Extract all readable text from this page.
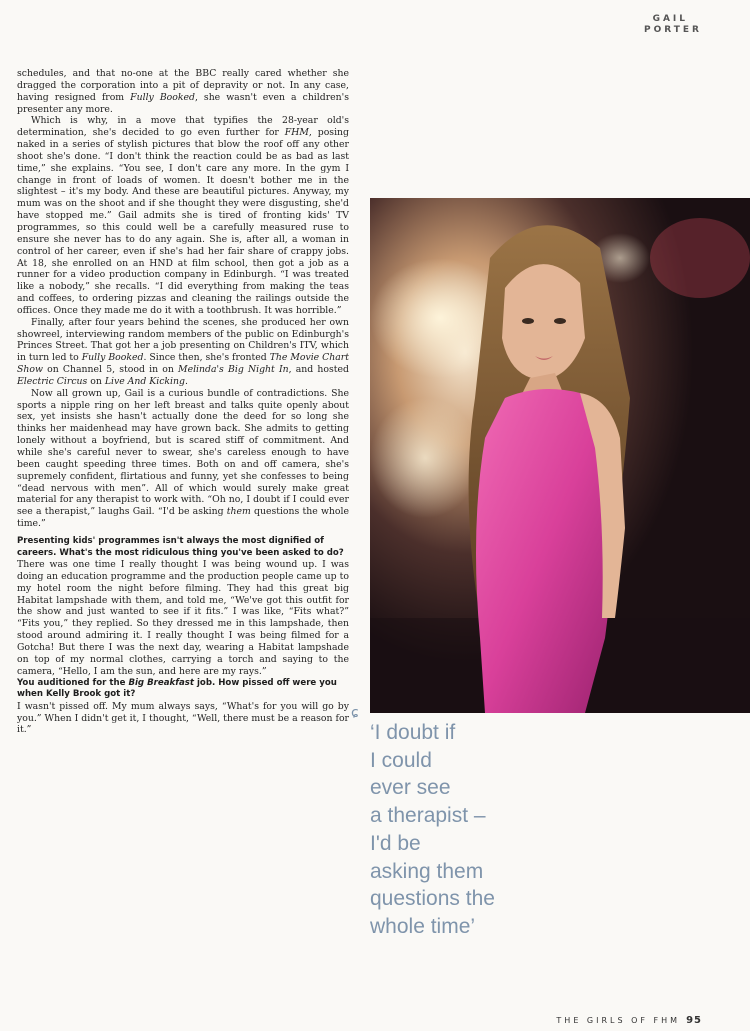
GAIL
PORTER

schedules, and that no-one at the BBC really cared whether she dragged the corporation into a pit of depravity or not. In any case, having resigned from Fully Booked, she wasn't even a children's presenter any more.

Which is why, in a move that typifies the 28-year old's determination, she's decided to go even further for FHM, posing naked in a series of stylish pictures that blow the roof off any other shoot she's done. “I don't think the reaction could be as bad as last time,” she explains. “You see, I don't care any more. In the gym I change in front of loads of women. It doesn't bother me in the slightest – it's my body. And these are beautiful pictures. Anyway, my mum was on the shoot and if she thought they were disgusting, she'd have stopped me.” Gail admits she is tired of fronting kids' TV programmes, so this could well be a carefully measured ruse to ensure she never has to do any again. She is, after all, a woman in control of her career, even if she's had her fair share of crappy jobs. At 18, she enrolled on an HND at film school, then got a job as a runner for a video production company in Edinburgh. “I was treated like a nobody,” she recalls. “I did everything from making the teas and coffees, to ordering pizzas and cleaning the railings outside the offices. Once they made me do it with a toothbrush. It was horrible.”

Finally, after four years behind the scenes, she produced her own showreel, interviewing random members of the public on Edinburgh's Princes Street. That got her a job presenting on Children's ITV, which in turn led to Fully Booked. Since then, she's fronted The Movie Chart Show on Channel 5, stood in on Melinda's Big Night In, and hosted Electric Circus on Live And Kicking.

Now all grown up, Gail is a curious bundle of contradictions. She sports a nipple ring on her left breast and talks quite openly about sex, yet insists she hasn't actually done the deed for so long she thinks her maidenhead may have grown back. She admits to getting lonely without a boyfriend, but is scared stiff of commitment. And while she's careful never to swear, she's careless enough to have been caught speeding three times. Both on and off camera, she's supremely confident, flirtatious and funny, yet she confesses to being “dead nervous with men”. All of which would surely make great material for any therapist to work with. “Oh no, I doubt if I could ever see a therapist,” laughs Gail. “I'd be asking them questions the whole time.”

Presenting kids' programmes isn't always the most dignified of careers. What's the most ridiculous thing you've been asked to do?

There was one time I really thought I was being wound up. I was doing an education programme and the production people came up to my hotel room the night before filming. They had this great big Habitat lampshade with them, and told me, “We've got this outfit for the show and just wanted to see if it fits.” I was like, “Fits what?” “Fits you,” they replied. So they dressed me in this lampshade, then stood around admiring it. I really thought I was being filmed for a Gotcha! But there I was the next day, wearing a Habitat lampshade on top of my normal clothes, carrying a torch and saying to the camera, “Hello, I am the sun, and here are my rays.”

You auditioned for the Big Breakfast job. How pissed off were you when Kelly Brook got it?

I wasn't pissed off. My mum always says, “What's for you will go by you.” When I didn't get it, I thought, “Well, there must be a reason for it.”

ɕ
‘I doubt if
I could
ever see
a therapist –
I'd be
asking them
questions the
whole time’
THE GIRLS OF FHM 95
